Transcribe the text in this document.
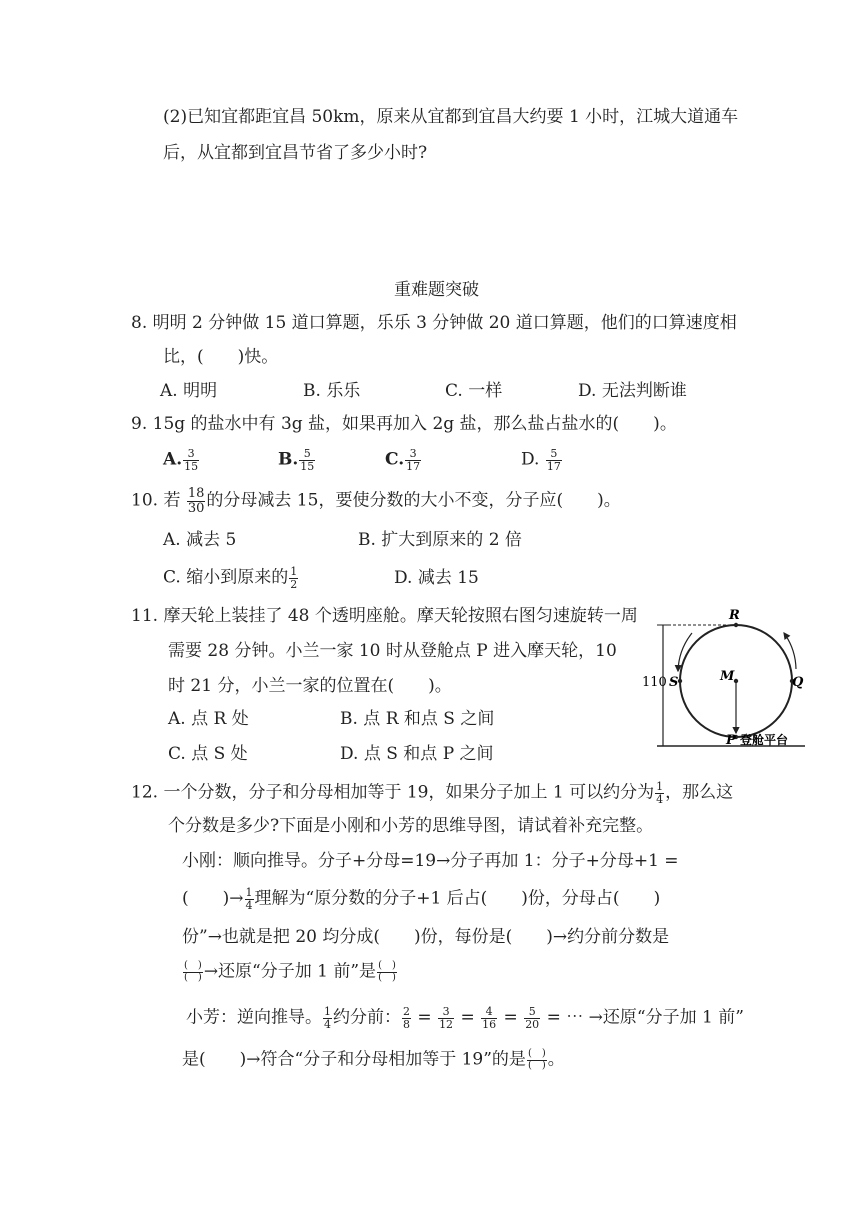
(2)已知宜都距宜昌 50km，原来从宜都到宜昌大约要 1 小时，江城大道通车
后，从宜都到宜昌节省了多少小时?
重难题突破
8. 明明 2 分钟做 15 道口算题，乐乐 3 分钟做 20 道口算题，他们的口算速度相
比，(　　)快。
A. 明明	B. 乐乐	C. 一样	D. 无法判断谁
9. 15g 的盐水中有 3g 盐，如果再加入 2g 盐，那么盐占盐水的(　　)。
A. $\frac{3}{15}$	B. $\frac{5}{15}$	C. $\frac{3}{17}$	D. $\frac{5}{17}$
10. 若 $\frac{18}{30}$ 的分母减去 15，要使分数的大小不变，分子应(　　)。
A. 减去 5	B. 扩大到原来的 2 倍
C. 缩小到原来的 $\frac{1}{2}$	D. 减去 15
11. 摩天轮上装挂了 48 个透明座舱。摩天轮按照右图匀速旋转一周
需要 28 分钟。小兰一家 10 时从登舱点 P 进入摩天轮，10
时 21 分，小兰一家的位置在(　　)。
A. 点 R 处	B. 点 R 和点 S 之间
C. 点 S 处	D. 点 S 和点 P 之间
R
110 S	M	Q
P 登舱平台
12. 一个分数，分子和分母相加等于 19，如果分子加上 1 可以约分为 $\frac{1}{4}$ ，那么这
个分数是多少?下面是小刚和小芳的思维导图，请试着补充完整。
小刚：顺向推导。分子+分母=19→分子再加 1：分子+分母+1 =
(　　)→ $\frac{1}{4}$ 理解为“原分数的分子+1 后占(　　)份，分母占(　　)
份”→也就是把 20 均分成(　　)份，每份是(　　)→约分前分数是
$\frac{( )}{( )}$ →还原“分子加 1 前”是 $\frac{( )}{( )}$
小芳：逆向推导。 $\frac{1}{4}$ 约分前： $\frac{2}{8} = \frac{3}{12} = \frac{4}{16} = \frac{5}{20}$ = ⋯ →还原“分子加 1 前”
是(　　)→符合“分子和分母相加等于 19”的是 $\frac{( )}{( )}$ 。
